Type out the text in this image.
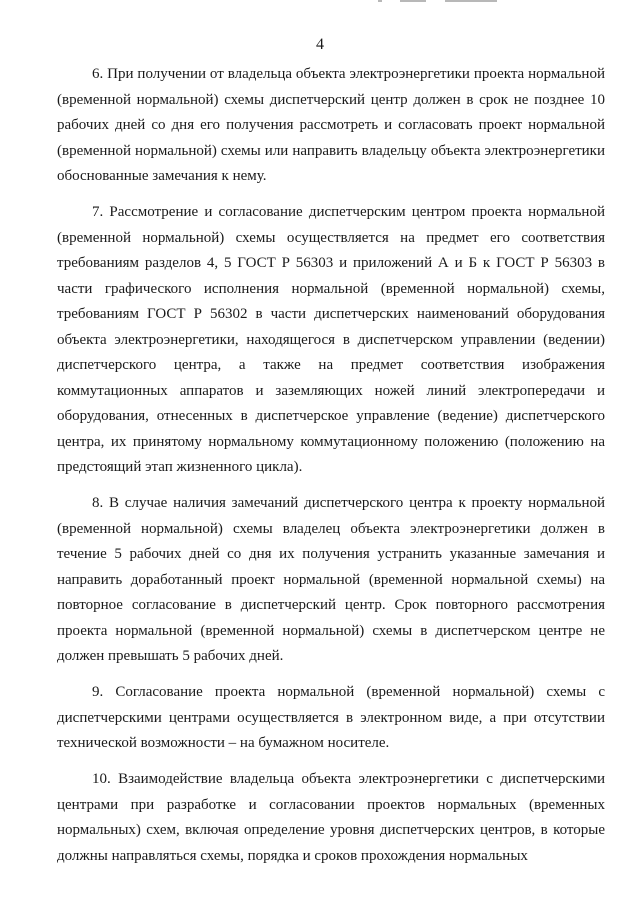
4

6. При получении от владельца объекта электроэнергетики проекта нормальной (временной нормальной) схемы диспетчерский центр должен в срок не позднее 10 рабочих дней со дня его получения рассмотреть и согласовать проект нормальной (временной нормальной) схемы или направить владельцу объекта электроэнергетики обоснованные замечания к нему.

7. Рассмотрение и согласование диспетчерским центром проекта нормальной (временной нормальной) схемы осуществляется на предмет его соответствия требованиям разделов 4, 5 ГОСТ Р 56303 и приложений А и Б к ГОСТ Р 56303 в части графического исполнения нормальной (временной нормальной) схемы, требованиям ГОСТ Р 56302 в части диспетчерских наименований оборудования объекта электроэнергетики, находящегося в диспетчерском управлении (ведении) диспетчерского центра, а также на предмет соответствия изображения коммутационных аппаратов и заземляющих ножей линий электропередачи и оборудования, отнесенных в диспетчерское управление (ведение) диспетчерского центра, их принятому нормальному коммутационному положению (положению на предстоящий этап жизненного цикла).

8. В случае наличия замечаний диспетчерского центра к проекту нормальной (временной нормальной) схемы владелец объекта электроэнергетики должен в течение 5 рабочих дней со дня их получения устранить указанные замечания и направить доработанный проект нормальной (временной нормальной схемы) на повторное согласование в диспетчерский центр. Срок повторного рассмотрения проекта нормальной (временной нормальной) схемы в диспетчерском центре не должен превышать 5 рабочих дней.

9. Согласование проекта нормальной (временной нормальной) схемы с диспетчерскими центрами осуществляется в электронном виде, а при отсутствии технической возможности – на бумажном носителе.

10. Взаимодействие владельца объекта электроэнергетики с диспетчерскими центрами при разработке и согласовании проектов нормальных (временных нормальных) схем, включая определение уровня диспетчерских центров, в которые должны направляться схемы, порядка и сроков прохождения нормальных
